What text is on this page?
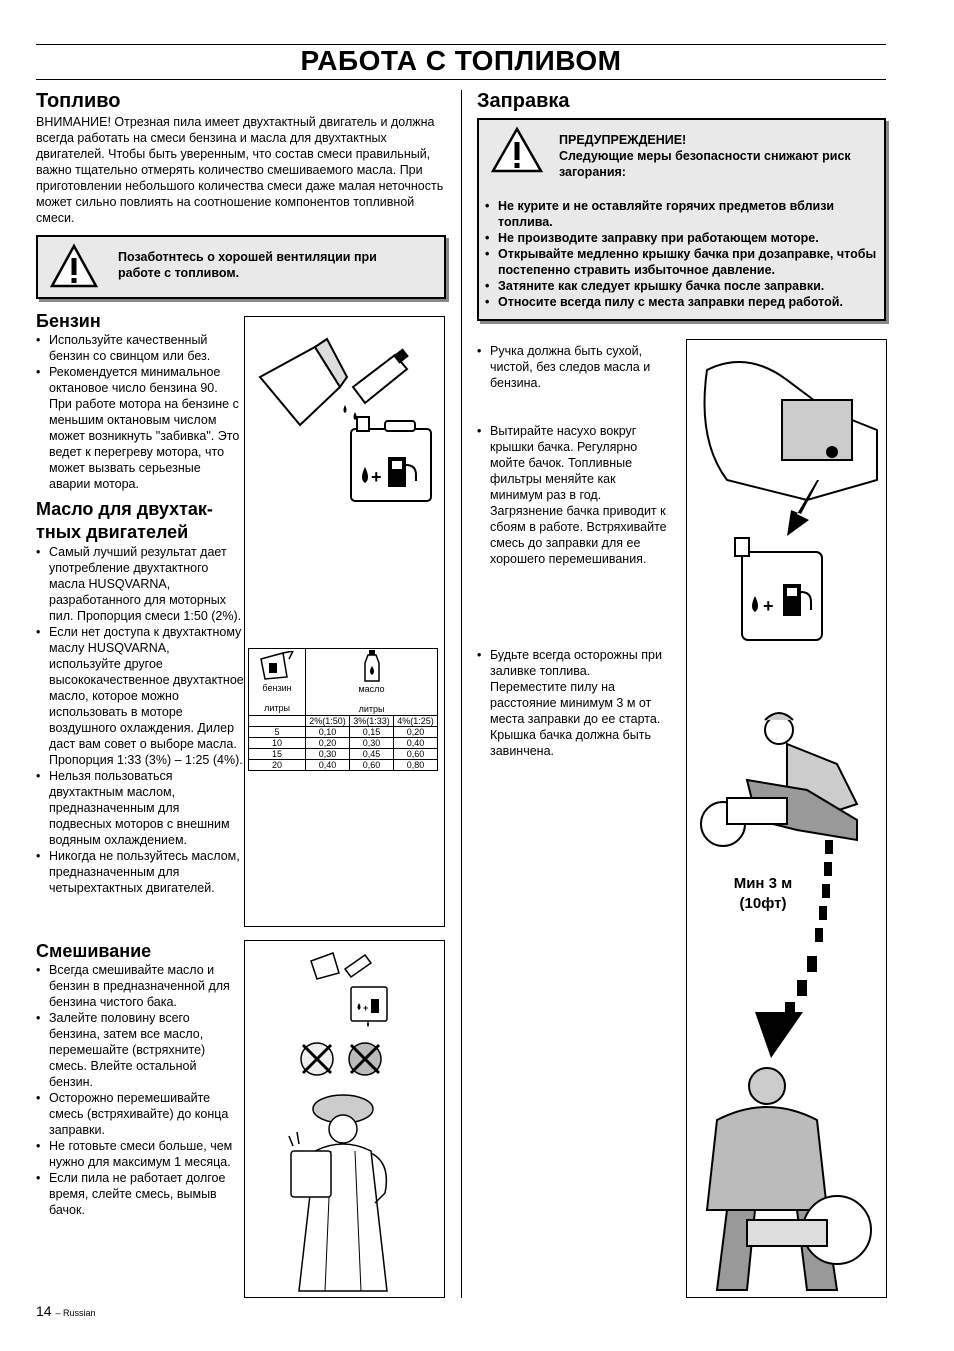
РАБОТА С ТОПЛИВОМ
Топливо

ВНИМАНИЕ! Отрезная пила имеет двухтактный двигатель и должна всегда работать на смеси бензина и масла для двухтактных двигателей. Чтобы быть уверенным, что состав смеси правильный, важно тщательно отмерять количество смешиваемого масла. При приготовлении небольшого количества смеси даже малая неточность может сильно повлиять на соотношение компонентов топливной смеси.

Позаботнтесь о хорошей вентиляции при работе с топливом.
Бензин
• Используйте качественный бензин со свинцом или без.
• Рекомендуется минимальное октановое число бензина 90. При работе мотора на бензине с меньшим октановым числом может возникнуть "забивка". Это ведет к перегреву мотора, что может вызвать серьезные аварии мотора.	+
Масло для двухтак-
тных двигателей
• Самый лучший результат дает употребление двухтактного масла HUSQVARNA, разработанного для моторных пил. Пропорция смеси 1:50 (2%).
• Если нет доступа к двухтактному маслу HUSQVARNA, используйте другое высококачественное двухтактное масло, которое можно использовать в моторе воздушного охлаждения. Дилер даст вам совет о выборе масла. Пропорция 1:33 (3%) – 1:25 (4%).
• Нельзя пользоваться двухтактным маслом, предназначенным для подвесных моторов с внешним водяным охлаждением.
• Никогда не пользуйтесь маслом, предназначенным для четырехтактных двигателей.

бензин

литры	масло

литры		
	2%(1:50)	3%(1:33)	4%(1:25)
5	0,10	0,15	0,20
10	0,20	0,30	0,40
15	0,30	0,45	0,60
20	0,40	0,60	0,80
Смешивание
• Всегда смешивайте масло и бензин в предназначенной для бензина чистого бака.
• Залейте половину всего бензина, затем все масло, перемешайте (встряхните) смесь. Влейте остальной бензин.
• Осторожно перемешивайте смесь (встряхивайте) до конца заправки.
• Не готовьте смеси больше, чем нужно для максимум 1 месяца.
• Если пила не работает долгое время, слейте смесь, вымыв бачок.
+
Заправка
ПРЕДУПРЕЖДЕНИЕ!
Следующие меры безопасности снижают риск загорания:
• Не курите и не оставляйте горячих предметов вблизи топлива.
• Не производите заправку при работающем моторе.
• Открывайте медленно крышку бачка при дозаправке, чтобы постепенно стравить избыточное давление.
• Затяните как следует крышку бачка после заправки.
• Относите всегда пилу с места заправки перед работой.
• Ручка должна быть сухой, чистой, без следов масла и бензина.
• Вытирайте насухо вокруг крышки бачка. Регулярно мойте бачок. Топливные фильтры меняйте как минимум раз в год. Загрязнение бачка приводит к сбоям в работе. Встряхивайте смесь до заправки для ее хорошего перемешивания.
• Будьте всегда осторожны при заливке топлива. Переместите пилу на расстояние минимум 3 м от места заправки до ее старта. Крышка бачка должна быть завинчена.
+
Мин 3 м
(10фт)
14 – Russian
